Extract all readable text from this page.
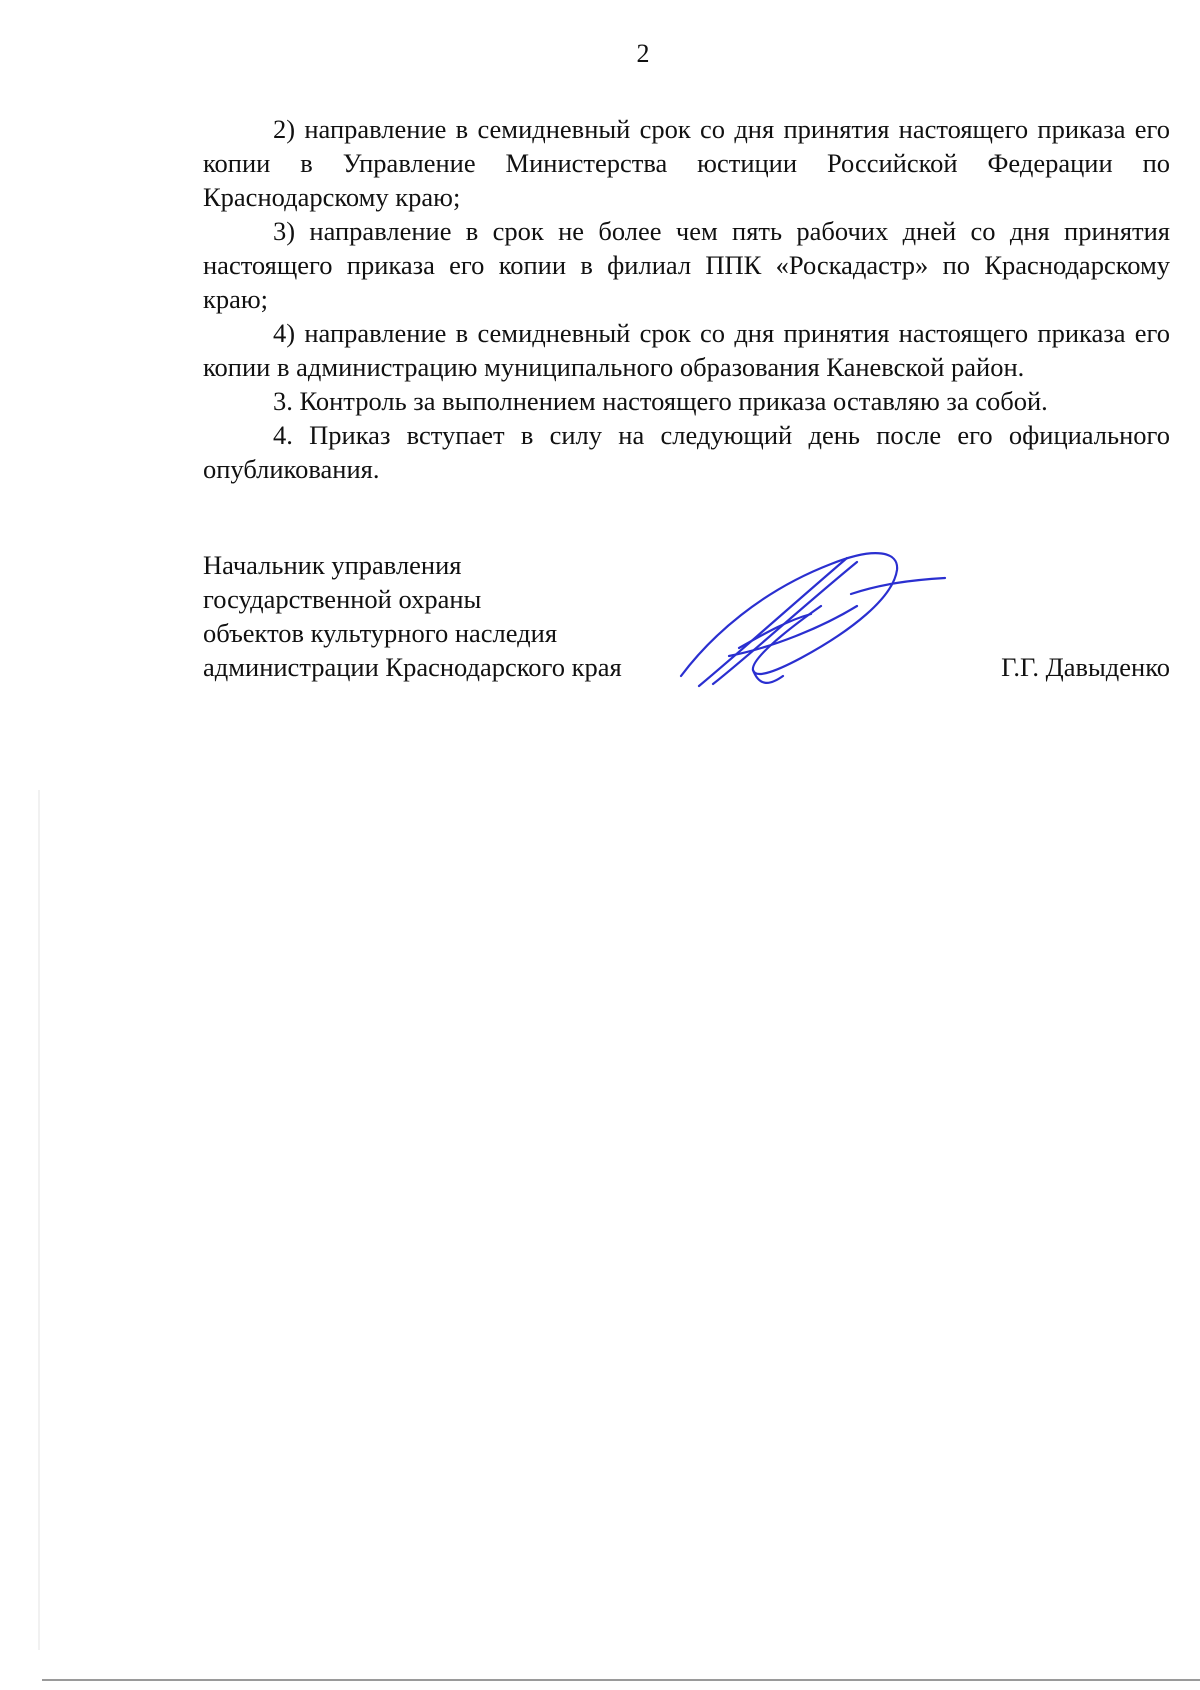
2

2) направление в семидневный срок со дня принятия настоящего приказа его копии в Управление Министерства юстиции Российской Федерации по Краснодарскому краю;

3) направление в срок не более чем пять рабочих дней со дня принятия настоящего приказа его копии в филиал ППК «Роскадастр» по Краснодарскому краю;

4) направление в семидневный срок со дня принятия настоящего приказа его копии в администрацию муниципального образования Каневской район.

3. Контроль за выполнением настоящего приказа оставляю за собой.

4. Приказ вступает в силу на следующий день после его официального опубликования.

Начальник управления
государственной охраны
объектов культурного наследия
администрации Краснодарского края	Г.Г. Давыденко
